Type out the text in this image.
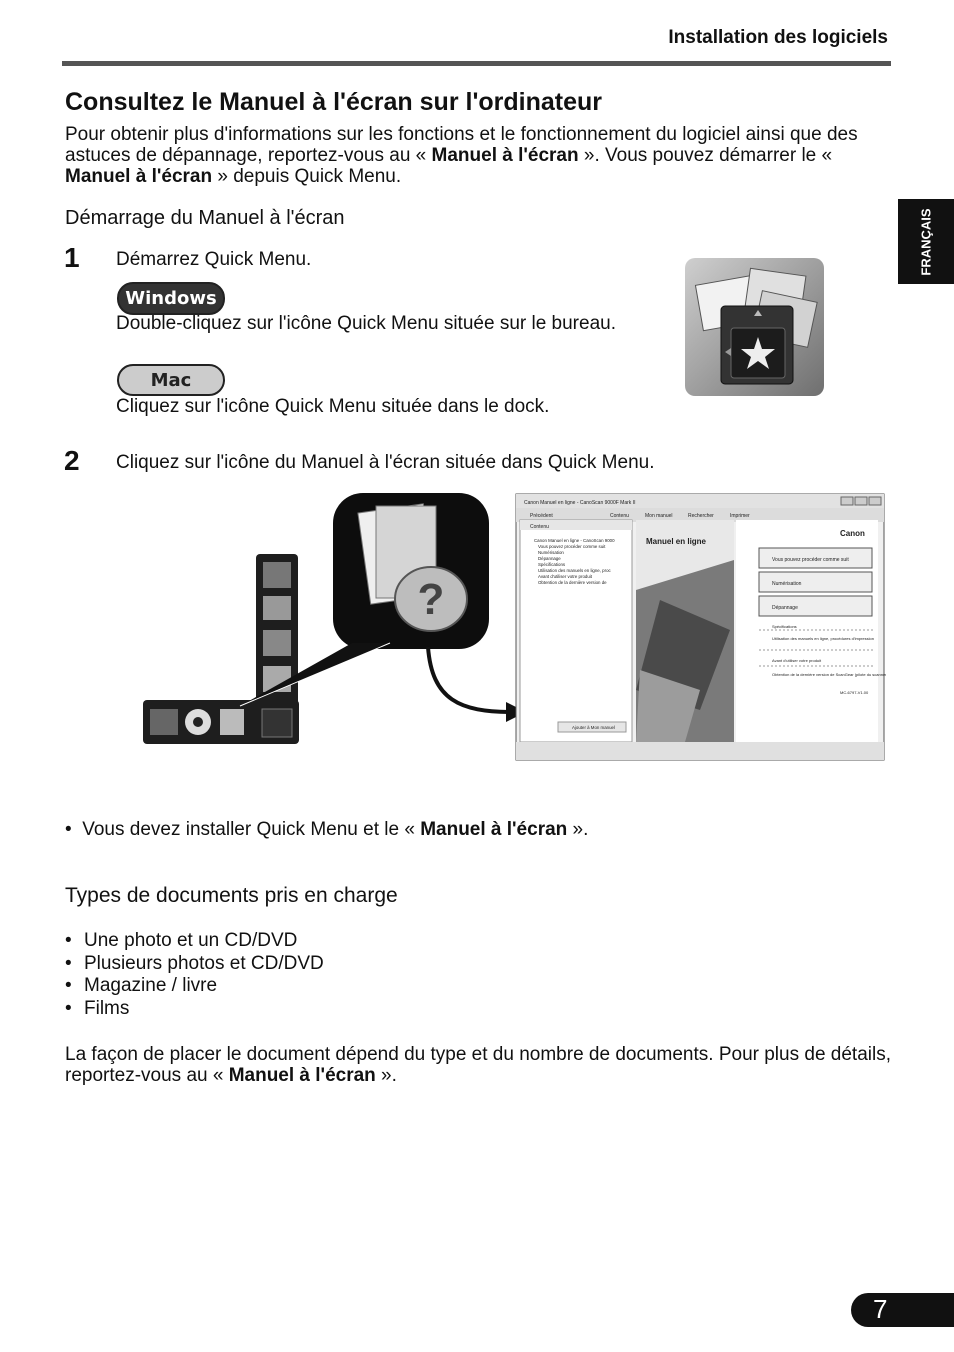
Installation des logiciels
Consultez le Manuel à l'écran sur l'ordinateur
Pour obtenir plus d'informations sur les fonctions et le fonctionnement du logiciel ainsi que des astuces de dépannage, reportez-vous au « Manuel à l'écran ». Vous pouvez démarrer le « Manuel à l'écran » depuis Quick Menu.
Démarrage du Manuel à l'écran
1 Démarrez Quick Menu.
Windows
Double-cliquez sur l'icône Quick Menu située sur le bureau.
Mac
Cliquez sur l'icône Quick Menu située dans le dock.
2 Cliquez sur l'icône du Manuel à l'écran située dans Quick Menu.
?
Canon Manuel en ligne - CanoScan 9000F Mark II
Précédent	Contenu	Mon manuel	Rechercher	Imprimer
Contenu
Canon Manuel en ligne - CanoScan 9000
Vous pouvez procéder comme suit
Numérisation
Dépannage
Spécifications
Utilisation des manuels en ligne, proc
Avant d'utiliser votre produit
Obtention de la dernière version de
Ajouter à Mon manuel
Manuel en ligne
Canon
Vous pouvez procéder comme suit
Numérisation
Dépannage
Spécifications
Utilisation des manuels en ligne, procédures d'impression
Avant d'utiliser votre produit
Obtention de la dernière version de ScanGear (pilote du scanner)
MC-6797-V1.00
•  Vous devez installer Quick Menu et le « Manuel à l'écran ».
Types de documents pris en charge
• Une photo et un CD/DVD
• Plusieurs photos et CD/DVD
• Magazine / livre
• Films
La façon de placer le document dépend du type et du nombre de documents. Pour plus de détails, reportez-vous au « Manuel à l'écran ».
FRANÇAIS
7
